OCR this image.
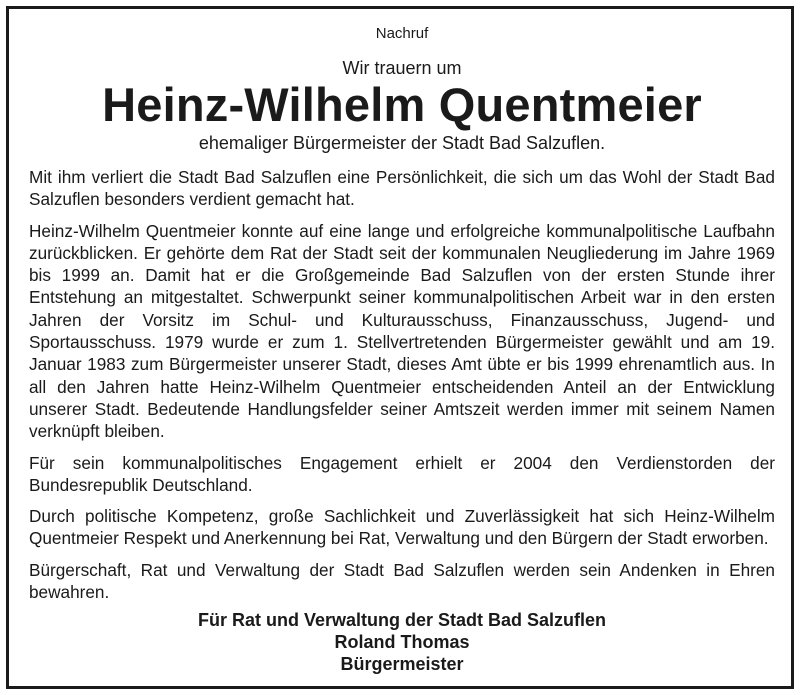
Nachruf
Wir trauern um
Heinz-Wilhelm Quentmeier
ehemaliger Bürgermeister der Stadt Bad Salzuflen.

Mit ihm verliert die Stadt Bad Salzuflen eine Persönlichkeit, die sich um das Wohl der Stadt Bad Salzuflen besonders verdient gemacht hat.

Heinz-Wilhelm Quentmeier konnte auf eine lange und erfolgreiche kommunalpolitische Laufbahn zurückblicken. Er gehörte dem Rat der Stadt seit der kommunalen Neugliederung im Jahre 1969 bis 1999 an. Damit hat er die Großgemeinde Bad Salzuflen von der ersten Stunde ihrer Entstehung an mitgestaltet. Schwerpunkt seiner kommunalpolitischen Arbeit war in den ersten Jahren der Vorsitz im Schul- und Kulturausschuss, Finanzausschuss, Jugend- und Sportausschuss. 1979 wurde er zum 1. Stellvertretenden Bürgermeister gewählt und am 19. Januar 1983 zum Bürgermeister unserer Stadt, dieses Amt übte er bis 1999 ehrenamtlich aus. In all den Jahren hatte Heinz-Wilhelm Quentmeier entscheidenden Anteil an der Entwicklung unserer Stadt. Bedeutende Handlungsfelder seiner Amtszeit werden immer mit seinem Namen verknüpft bleiben.

Für sein kommunalpolitisches Engagement erhielt er 2004 den Verdienstorden der Bundesrepublik Deutschland.

Durch politische Kompetenz, große Sachlichkeit und Zuverlässigkeit hat sich Heinz-Wilhelm Quentmeier Respekt und Anerkennung bei Rat, Verwaltung und den Bürgern der Stadt erworben.

Bürgerschaft, Rat und Verwaltung der Stadt Bad Salzuflen werden sein Andenken in Ehren bewahren.

Für Rat und Verwaltung der Stadt Bad Salzuflen
Roland Thomas
Bürgermeister
